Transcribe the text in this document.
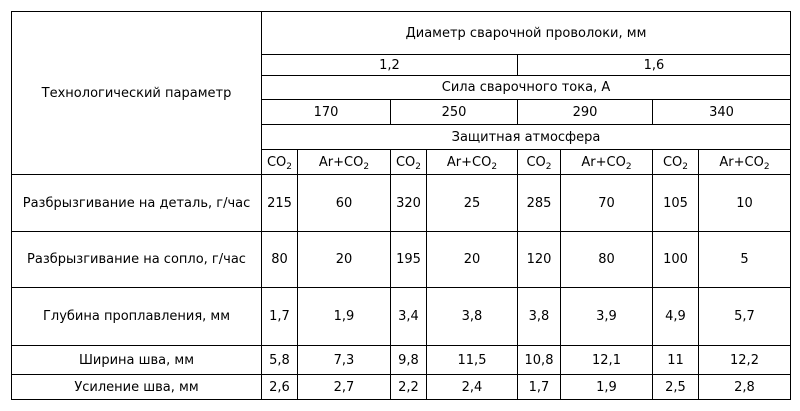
Технологический параметр	Диаметр сварочной проволоки, мм							
	1,2				1,6			
	Сила сварочного тока, А							
	170		250		290		340	
	Защитная атмосфера							
	$CO_2$	$Ar+CO_2$	$CO_2$	$Ar+CO_2$	$CO_2$	$Ar+CO_2$	$CO_2$	$Ar+CO_2$
Разбрызгивание на деталь, г/час	215	60	320	25	285	70	105	10
Разбрызгивание на сопло, г/час	80	20	195	20	120	80	100	5
Глубина проплавления, мм	1,7	1,9	3,4	3,8	3,8	3,9	4,9	5,7
Ширина шва, мм	5,8	7,3	9,8	11,5	10,8	12,1	11	12,2
Усиление шва, мм	2,6	2,7	2,2	2,4	1,7	1,9	2,5	2,8
